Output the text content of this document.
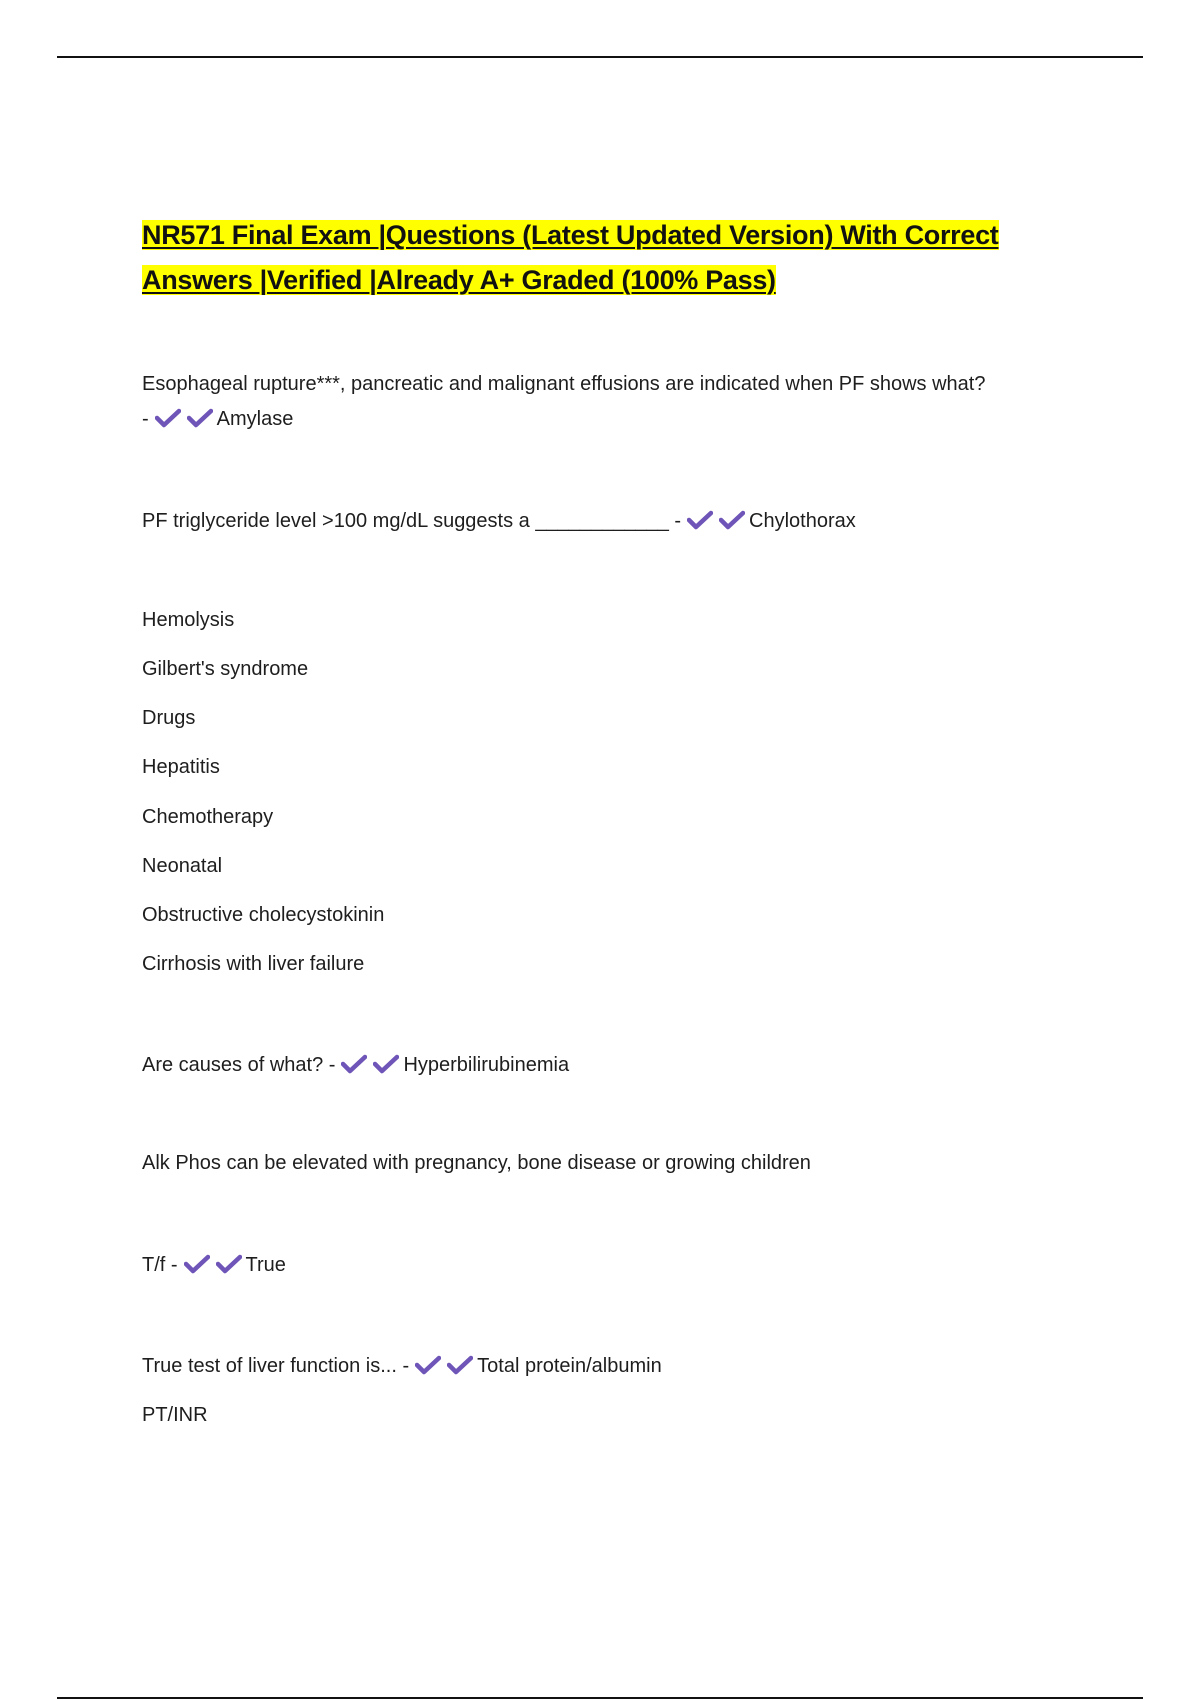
NR571 Final Exam |Questions (Latest Updated Version) With Correct Answers |Verified |Already A+ Graded (100% Pass)
Esophageal rupture***, pancreatic and malignant effusions are indicated when PF shows what?
-	Amylase
PF triglyceride level >100 mg/dL suggests a ____________ -	Chylothorax
Hemolysis
Gilbert's syndrome
Drugs
Hepatitis
Chemotherapy
Neonatal
Obstructive cholecystokinin
Cirrhosis with liver failure
Are causes of what? -	Hyperbilirubinemia
Alk Phos can be elevated with pregnancy, bone disease or growing children
T/f -	True
True test of liver function is... -	Total protein/albumin
PT/INR
